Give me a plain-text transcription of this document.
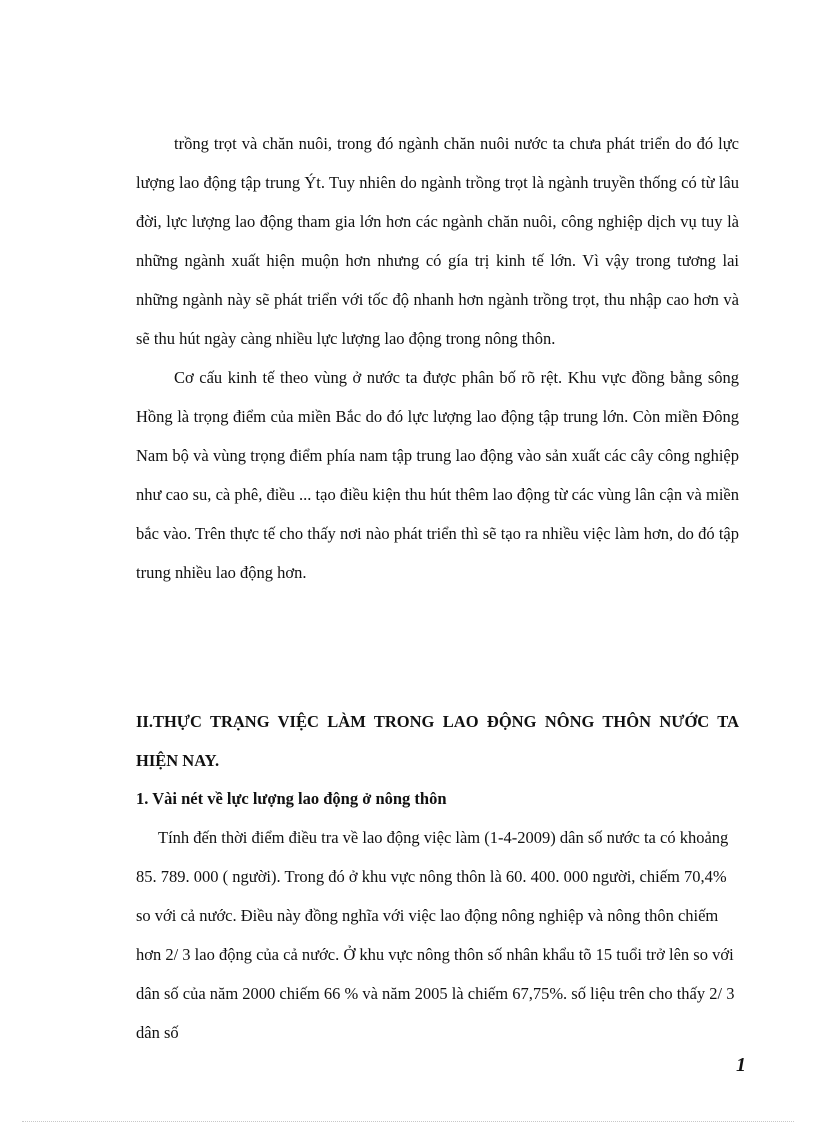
trồng trọt và chăn nuôi, trong đó ngành chăn nuôi nước ta chưa phát triển do đó lực lượng lao động tập trung Ýt. Tuy nhiên do ngành trồng trọt là ngành truyền thống có từ lâu đời, lực lượng lao động tham gia lớn hơn các ngành chăn nuôi, công nghiệp dịch vụ tuy là những ngành xuất hiện muộn hơn nhưng có gía trị kinh tế lớn. Vì vậy trong tương lai những ngành này sẽ phát triển với tốc độ nhanh hơn ngành trồng trọt, thu nhập cao hơn và sẽ thu hút ngày càng nhiều lực lượng lao động trong nông thôn.

Cơ cấu kinh tế theo vùng ở nước ta được phân bố rõ rệt. Khu vực đồng bằng sông Hồng là trọng điểm của miền Bắc do đó lực lượng lao động tập trung lớn. Còn miền Đông Nam bộ và vùng trọng điểm phía nam tập trung lao động vào sản xuất các cây công nghiệp như cao su, cà phê, điều ... tạo điều kiện thu hút thêm lao động từ các vùng lân cận và miền bắc vào. Trên thực tế cho thấy nơi nào phát triển thì sẽ tạo ra nhiều việc làm hơn, do đó tập trung nhiều lao động hơn.

II.THỰC TRẠNG VIỆC LÀM TRONG LAO ĐỘNG NÔNG THÔN NƯỚC TA HIỆN NAY.
1. Vài nét về lực lượng lao động ở nông thôn

Tính đến thời điểm điều tra về lao động việc làm (1-4-2009) dân số nước ta có khoảng 85. 789. 000 ( người). Trong đó ở khu vực nông thôn là 60. 400. 000 người, chiếm 70,4% so với cả nước. Điều này đồng nghĩa với việc lao động nông nghiệp và nông thôn chiếm hơn 2/ 3 lao động của cả nước. Ở khu vực nông thôn số nhân khẩu tõ 15 tuổi trở lên so với dân số của năm 2000 chiếm 66 % và năm 2005 là chiếm 67,75%. số liệu trên cho thấy 2/ 3 dân số

1
